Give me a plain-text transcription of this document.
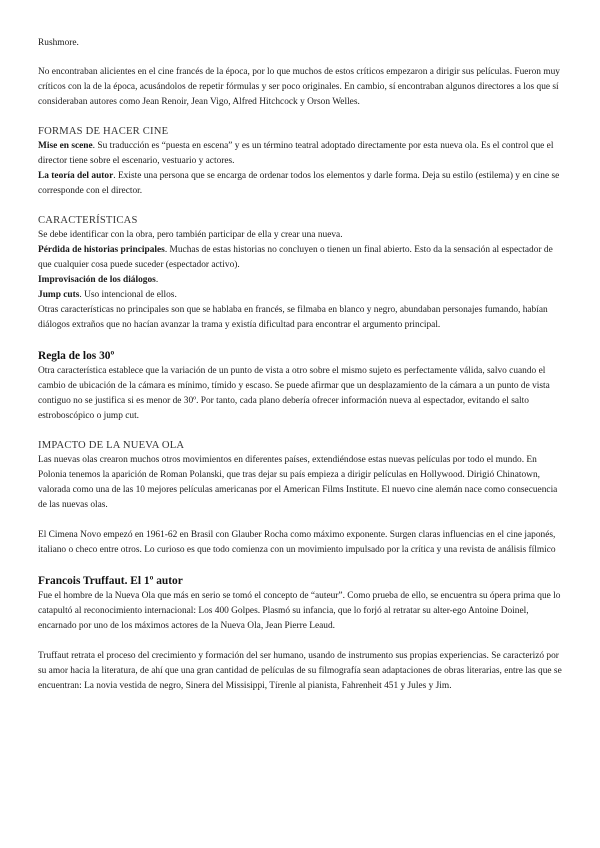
Rushmore.

No encontraban alicientes en el cine francés de la época, por lo que muchos de estos críticos empezaron a dirigir sus películas. Fueron muy críticos con la de la época, acusándolos de repetir fórmulas y ser poco originales. En cambio, sí encontraban algunos directores a los que sí consideraban autores como Jean Renoir, Jean Vigo, Alfred Hitchcock y Orson Welles.

FORMAS DE HACER CINE

Mise en scene. Su traducción es “puesta en escena” y es un término teatral adoptado directamente por esta nueva ola. Es el control que el director tiene sobre el escenario, vestuario y actores.

La teoría del autor. Existe una persona que se encarga de ordenar todos los elementos y darle forma. Deja su estilo (estilema) y en cine se corresponde con el director.

CARACTERÍSTICAS

Se debe identificar con la obra, pero también participar de ella y crear una nueva.

Pérdida de historias principales. Muchas de estas historias no concluyen o tienen un final abierto. Esto da la sensación al espectador de que cualquier cosa puede suceder (espectador activo).

Improvisación de los diálogos.

Jump cuts. Uso intencional de ellos.

Otras características no principales son que se hablaba en francés, se filmaba en blanco y negro, abundaban personajes fumando, habían diálogos extraños que no hacían avanzar la trama y existía dificultad para encontrar el argumento principal.

Regla de los 30º

Otra característica establece que la variación de un punto de vista a otro sobre el mismo sujeto es perfectamente válida, salvo cuando el cambio de ubicación de la cámara es mínimo, tímido y escaso. Se puede afirmar que un desplazamiento de la cámara a un punto de vista contiguo no se justifica si es menor de 30º. Por tanto, cada plano debería ofrecer información nueva al espectador, evitando el salto estroboscópico o jump cut.

IMPACTO DE LA NUEVA OLA

Las nuevas olas crearon muchos otros movimientos en diferentes países, extendiéndose estas nuevas películas por todo el mundo. En Polonia tenemos la aparición de Roman Polanski, que tras dejar su país empieza a dirigir películas en Hollywood. Dirigió Chinatown, valorada como una de las 10 mejores películas americanas por el American Films Institute. El nuevo cine alemán nace como consecuencia de las nuevas olas.

El Cimena Novo empezó en 1961-62 en Brasil con Glauber Rocha como máximo exponente. Surgen claras influencias en el cine japonés, italiano o checo entre otros. Lo curioso es que todo comienza con un movimiento impulsado por la crítica y una revista de análisis fílmico

Francois Truffaut. El 1º autor

Fue el hombre de la Nueva Ola que más en serio se tomó el concepto de “auteur”. Como prueba de ello, se encuentra su ópera prima que lo catapultó al reconocimiento internacional: Los 400 Golpes. Plasmó su infancia, que lo forjó al retratar su alter-ego Antoine Doinel, encarnado por uno de los máximos actores de la Nueva Ola, Jean Pierre Leaud.

Truffaut retrata el proceso del crecimiento y formación del ser humano, usando de instrumento sus propias experiencias. Se caracterizó por su amor hacia la literatura, de ahí que una gran cantidad de películas de su filmografía sean adaptaciones de obras literarias, entre las que se encuentran: La novia vestida de negro, Sinera del Missisippi, Tírenle al pianista, Fahrenheit 451 y Jules y Jim.
